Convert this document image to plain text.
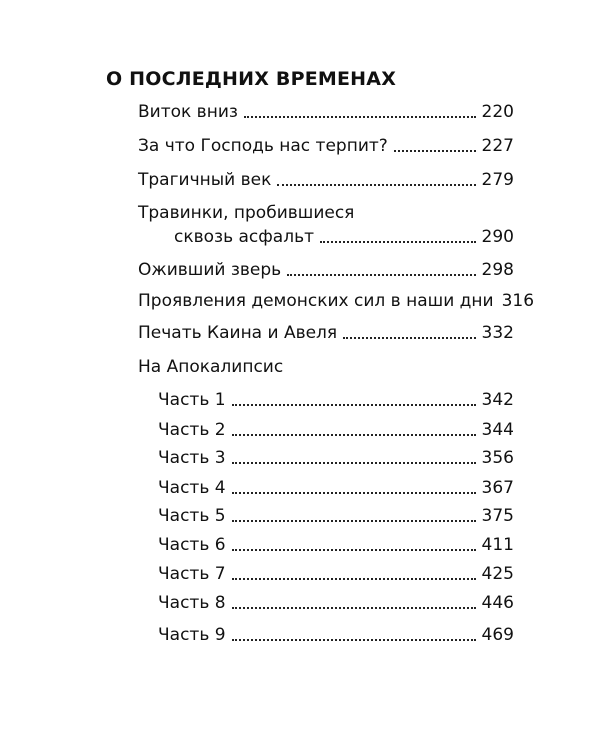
О ПОСЛЕДНИХ ВРЕМЕНАХ
Виток вниз	220
За что Господь нас терпит?	227
Трагичный век	279
Травинки, пробившиеся
сквозь асфальт	290
Оживший зверь	298
Проявления демонских сил в наши дни 316
Печать Каина и Авеля	332
На Апокалипсис
Часть 1	342
Часть 2	344
Часть 3	356
Часть 4	367
Часть 5	375
Часть 6	411
Часть 7	425
Часть 8	446
Часть 9	469
